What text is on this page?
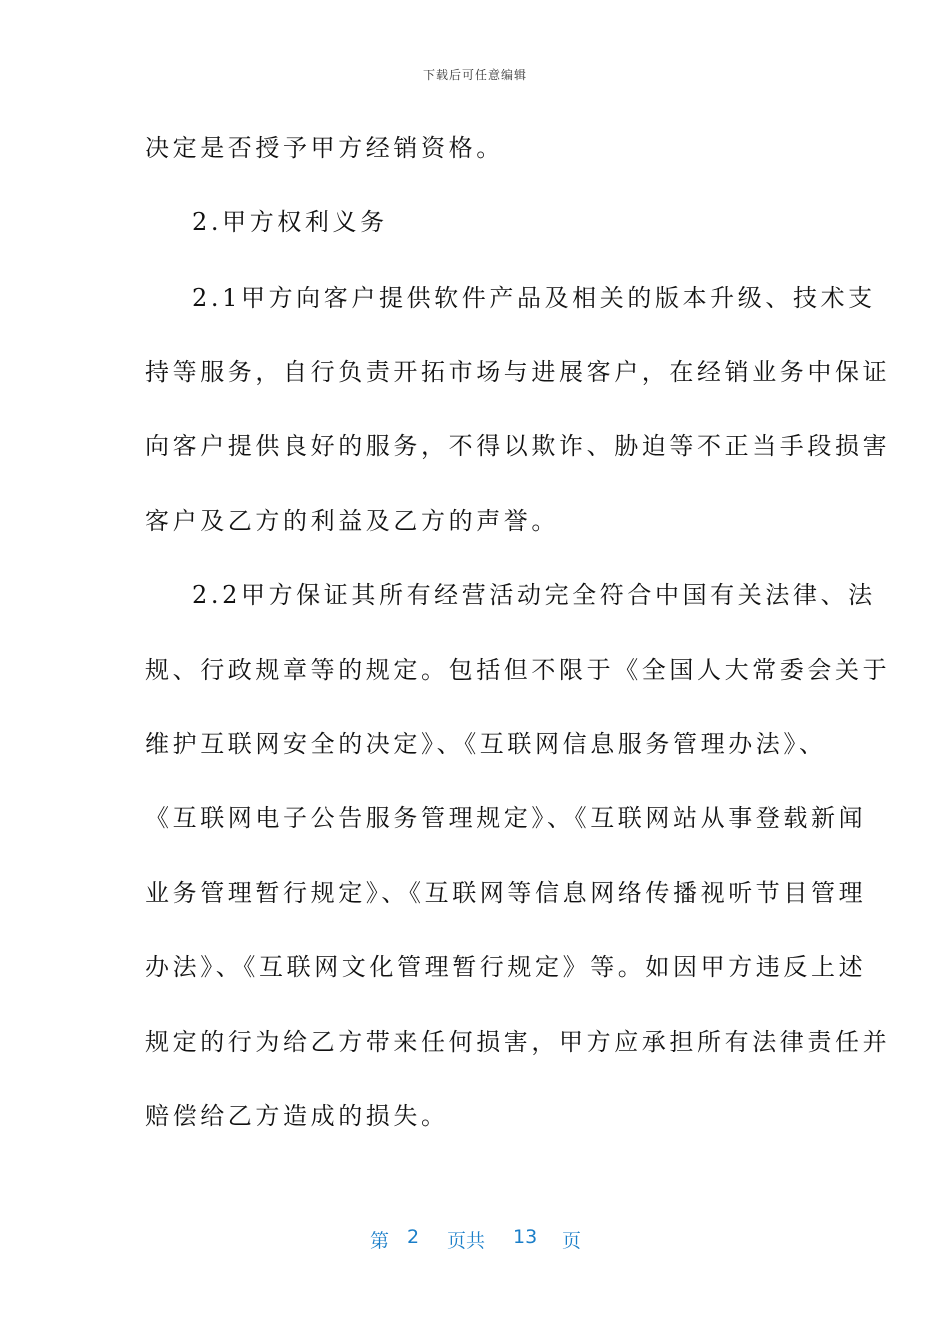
下载后可任意编辑
决定是否授予甲方经销资格。
2.甲方权利义务
2.1甲方向客户提供软件产品及相关的版本升级、技术支
持等服务，自行负责开拓市场与进展客户，在经销业务中保证
向客户提供良好的服务，不得以欺诈、胁迫等不正当手段损害
客户及乙方的利益及乙方的声誉。
2.2甲方保证其所有经营活动完全符合中国有关法律、法
规、行政规章等的规定。包括但不限于《全国人大常委会关于
维护互联网安全的决定》、《互联网信息服务管理办法》、
《互联网电子公告服务管理规定》、《互联网站从事登载新闻
业务管理暂行规定》、《互联网等信息网络传播视听节目管理
办法》、《互联网文化管理暂行规定》等。如因甲方违反上述
规定的行为给乙方带来任何损害，甲方应承担所有法律责任并
赔偿给乙方造成的损失。
第 2 页共 13 页
